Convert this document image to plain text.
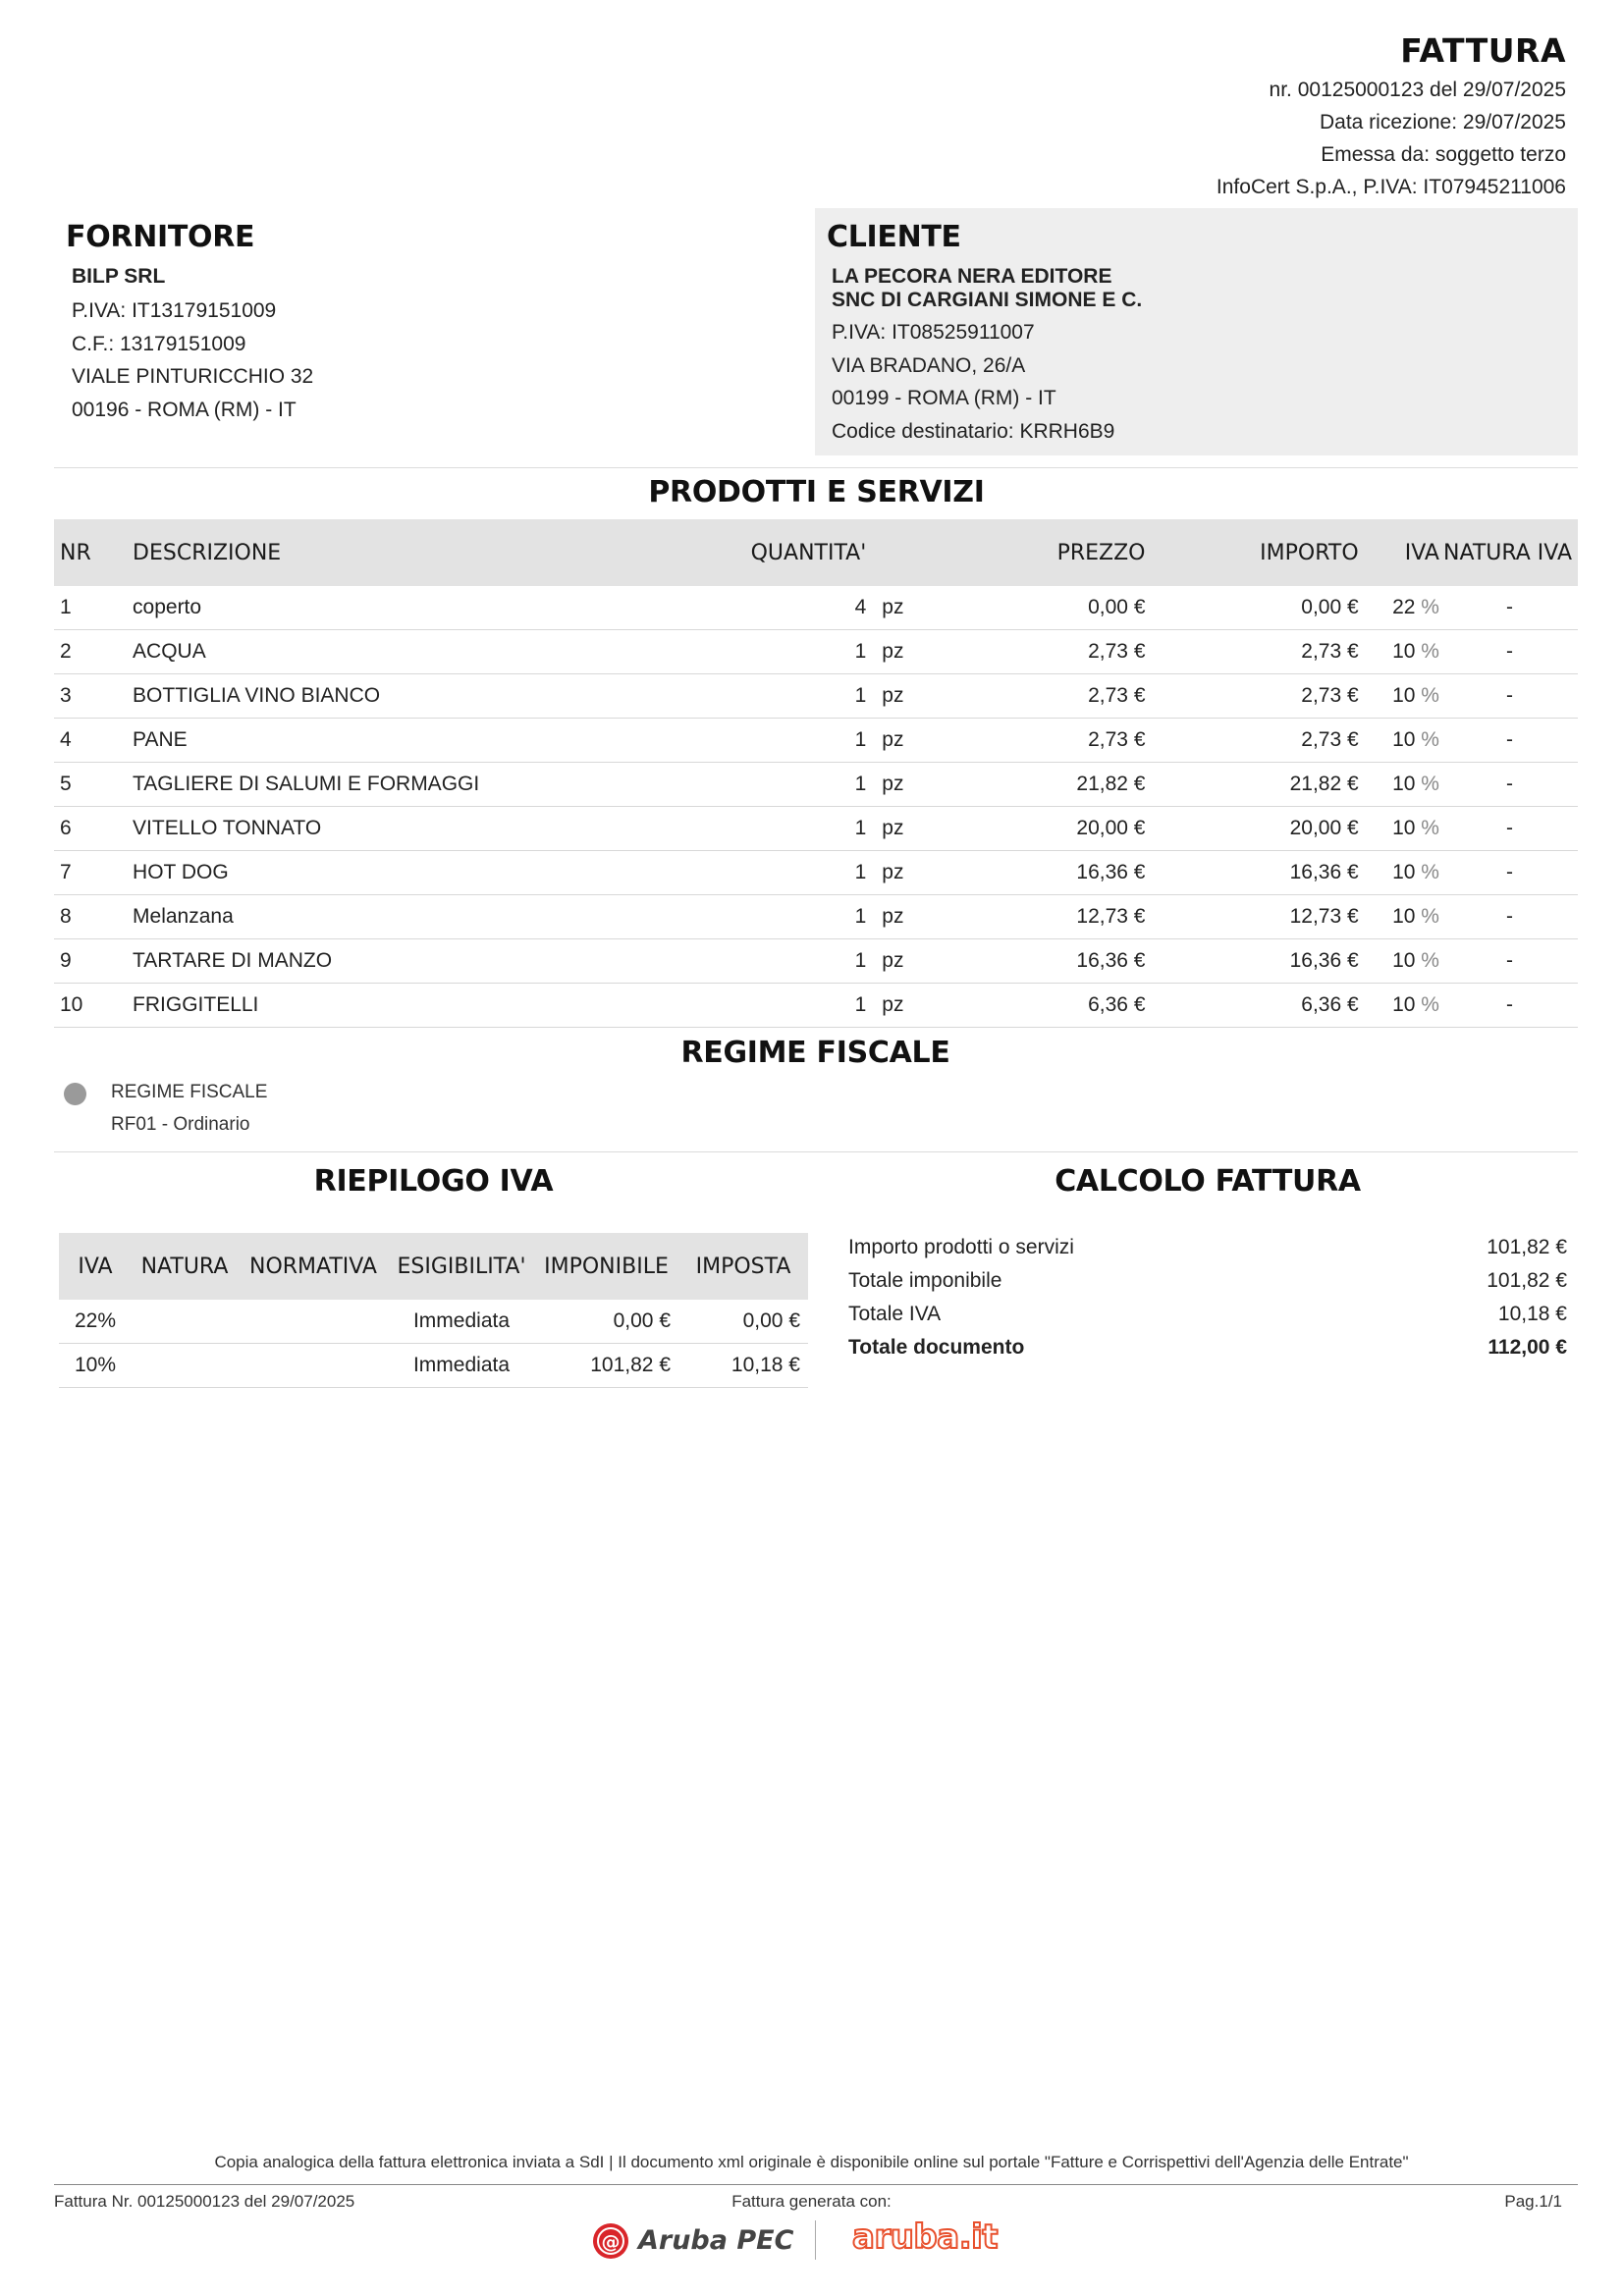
FATTURA
nr. 00125000123 del 29/07/2025
Data ricezione: 29/07/2025
Emessa da: soggetto terzo
InfoCert S.p.A., P.IVA: IT07945211006
FORNITORE
BILP SRL
P.IVA: IT13179151009
C.F.: 13179151009
VIALE PINTURICCHIO 32
00196 - ROMA (RM) - IT
CLIENTE
LA PECORA NERA EDITORE
SNC DI CARGIANI SIMONE E C.
P.IVA: IT08525911007
VIA BRADANO, 26/A
00199 - ROMA (RM) - IT
Codice destinatario: KRRH6B9
PRODOTTI E SERVIZI
NR	DESCRIZIONE	QUANTITA'		PREZZO	IMPORTO	IVA	NATURA IVA
1	coperto	4	pz	0,00 €	0,00 €	22 %	-
2	ACQUA	1	pz	2,73 €	2,73 €	10 %	-
3	BOTTIGLIA VINO BIANCO	1	pz	2,73 €	2,73 €	10 %	-
4	PANE	1	pz	2,73 €	2,73 €	10 %	-
5	TAGLIERE DI SALUMI E FORMAGGI	1	pz	21,82 €	21,82 €	10 %	-
6	VITELLO TONNATO	1	pz	20,00 €	20,00 €	10 %	-
7	HOT DOG	1	pz	16,36 €	16,36 €	10 %	-
8	Melanzana	1	pz	12,73 €	12,73 €	10 %	-
9	TARTARE DI MANZO	1	pz	16,36 €	16,36 €	10 %	-
10	FRIGGITELLI	1	pz	6,36 €	6,36 €	10 %	-
REGIME FISCALE
REGIME FISCALE
RF01 - Ordinario
RIEPILOGO IVA
IVA	NATURA	NORMATIVA	ESIGIBILITA'	IMPONIBILE	IMPOSTA
22%			Immediata	0,00 €	0,00 €
10%			Immediata	101,82 €	10,18 €
CALCOLO FATTURA
Importo prodotti o servizi	101,82 €
Totale imponibile	101,82 €
Totale IVA	10,18 €
Totale documento	112,00 €
Copia analogica della fattura elettronica inviata a SdI | Il documento xml originale è disponibile online sul portale "Fatture e Corrispettivi dell'Agenzia delle Entrate"
Fattura Nr. 00125000123 del 29/07/2025	Fattura generata con:	Pag.1/1
@ Aruba PEC aruba.it
